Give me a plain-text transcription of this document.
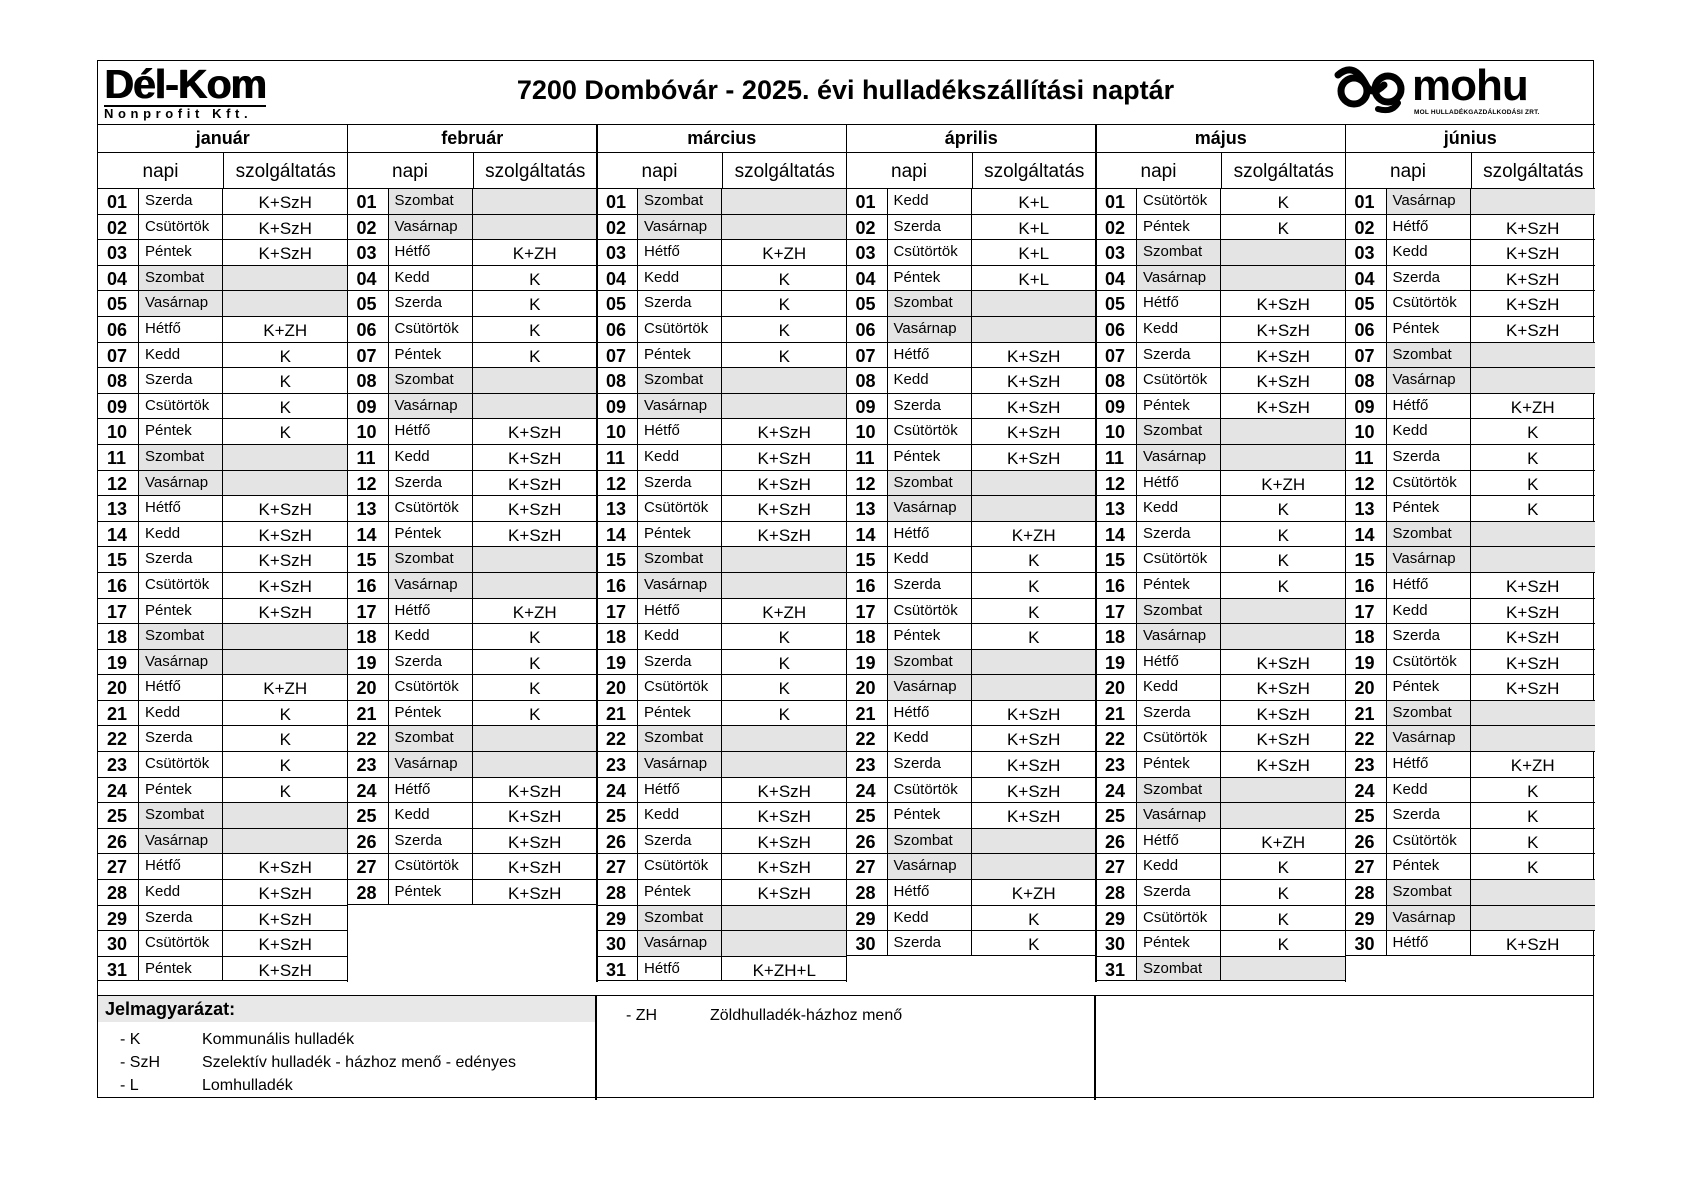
Dél-Kom
Nonprofit Kft.
7200 Dombóvár - 2025. évi hulladékszállítási naptár	mohu
MOL HULLADÉKGAZDÁLKODÁSI ZRT.
január
napi	szolgáltatás
01	Szerda	K+SzH
02	Csütörtök	K+SzH
03	Péntek	K+SzH
04	Szombat
05	Vasárnap
06	Hétfő	K+ZH
07	Kedd	K
08	Szerda	K
09	Csütörtök	K
10	Péntek	K
11	Szombat
12	Vasárnap
13	Hétfő	K+SzH
14	Kedd	K+SzH
15	Szerda	K+SzH
16	Csütörtök	K+SzH
17	Péntek	K+SzH
18	Szombat
19	Vasárnap
20	Hétfő	K+ZH
21	Kedd	K
22	Szerda	K
23	Csütörtök	K
24	Péntek	K
25	Szombat
26	Vasárnap
27	Hétfő	K+SzH
28	Kedd	K+SzH
29	Szerda	K+SzH
30	Csütörtök	K+SzH
31	Péntek	K+SzH
február
napi	szolgáltatás
01	Szombat
02	Vasárnap
03	Hétfő	K+ZH
04	Kedd	K
05	Szerda	K
06	Csütörtök	K
07	Péntek	K
08	Szombat
09	Vasárnap
10	Hétfő	K+SzH
11	Kedd	K+SzH
12	Szerda	K+SzH
13	Csütörtök	K+SzH
14	Péntek	K+SzH
15	Szombat
16	Vasárnap
17	Hétfő	K+ZH
18	Kedd	K
19	Szerda	K
20	Csütörtök	K
21	Péntek	K
22	Szombat
23	Vasárnap
24	Hétfő	K+SzH
25	Kedd	K+SzH
26	Szerda	K+SzH
27	Csütörtök	K+SzH
28	Péntek	K+SzH
március
napi	szolgáltatás
01	Szombat
02	Vasárnap
03	Hétfő	K+ZH
04	Kedd	K
05	Szerda	K
06	Csütörtök	K
07	Péntek	K
08	Szombat
09	Vasárnap
10	Hétfő	K+SzH
11	Kedd	K+SzH
12	Szerda	K+SzH
13	Csütörtök	K+SzH
14	Péntek	K+SzH
15	Szombat
16	Vasárnap
17	Hétfő	K+ZH
18	Kedd	K
19	Szerda	K
20	Csütörtök	K
21	Péntek	K
22	Szombat
23	Vasárnap
24	Hétfő	K+SzH
25	Kedd	K+SzH
26	Szerda	K+SzH
27	Csütörtök	K+SzH
28	Péntek	K+SzH
29	Szombat
30	Vasárnap
31	Hétfő	K+ZH+L
április
napi	szolgáltatás
01	Kedd	K+L
02	Szerda	K+L
03	Csütörtök	K+L
04	Péntek	K+L
05	Szombat
06	Vasárnap
07	Hétfő	K+SzH
08	Kedd	K+SzH
09	Szerda	K+SzH
10	Csütörtök	K+SzH
11	Péntek	K+SzH
12	Szombat
13	Vasárnap
14	Hétfő	K+ZH
15	Kedd	K
16	Szerda	K
17	Csütörtök	K
18	Péntek	K
19	Szombat
20	Vasárnap
21	Hétfő	K+SzH
22	Kedd	K+SzH
23	Szerda	K+SzH
24	Csütörtök	K+SzH
25	Péntek	K+SzH
26	Szombat
27	Vasárnap
28	Hétfő	K+ZH
29	Kedd	K
30	Szerda	K
május
napi	szolgáltatás
01	Csütörtök	K
02	Péntek	K
03	Szombat
04	Vasárnap
05	Hétfő	K+SzH
06	Kedd	K+SzH
07	Szerda	K+SzH
08	Csütörtök	K+SzH
09	Péntek	K+SzH
10	Szombat
11	Vasárnap
12	Hétfő	K+ZH
13	Kedd	K
14	Szerda	K
15	Csütörtök	K
16	Péntek	K
17	Szombat
18	Vasárnap
19	Hétfő	K+SzH
20	Kedd	K+SzH
21	Szerda	K+SzH
22	Csütörtök	K+SzH
23	Péntek	K+SzH
24	Szombat
25	Vasárnap
26	Hétfő	K+ZH
27	Kedd	K
28	Szerda	K
29	Csütörtök	K
30	Péntek	K
31	Szombat
június
napi	szolgáltatás
01	Vasárnap
02	Hétfő	K+SzH
03	Kedd	K+SzH
04	Szerda	K+SzH
05	Csütörtök	K+SzH
06	Péntek	K+SzH
07	Szombat
08	Vasárnap
09	Hétfő	K+ZH
10	Kedd	K
11	Szerda	K
12	Csütörtök	K
13	Péntek	K
14	Szombat
15	Vasárnap
16	Hétfő	K+SzH
17	Kedd	K+SzH
18	Szerda	K+SzH
19	Csütörtök	K+SzH
20	Péntek	K+SzH
21	Szombat
22	Vasárnap
23	Hétfő	K+ZH
24	Kedd	K
25	Szerda	K
26	Csütörtök	K
27	Péntek	K
28	Szombat
29	Vasárnap
30	Hétfő	K+SzH
Jelmagyarázat:
- K	Kommunális hulladék
- SzH	Szelektív hulladék - házhoz menő - edényes
- L	Lomhulladék
- ZH	Zöldhulladék-házhoz menő
